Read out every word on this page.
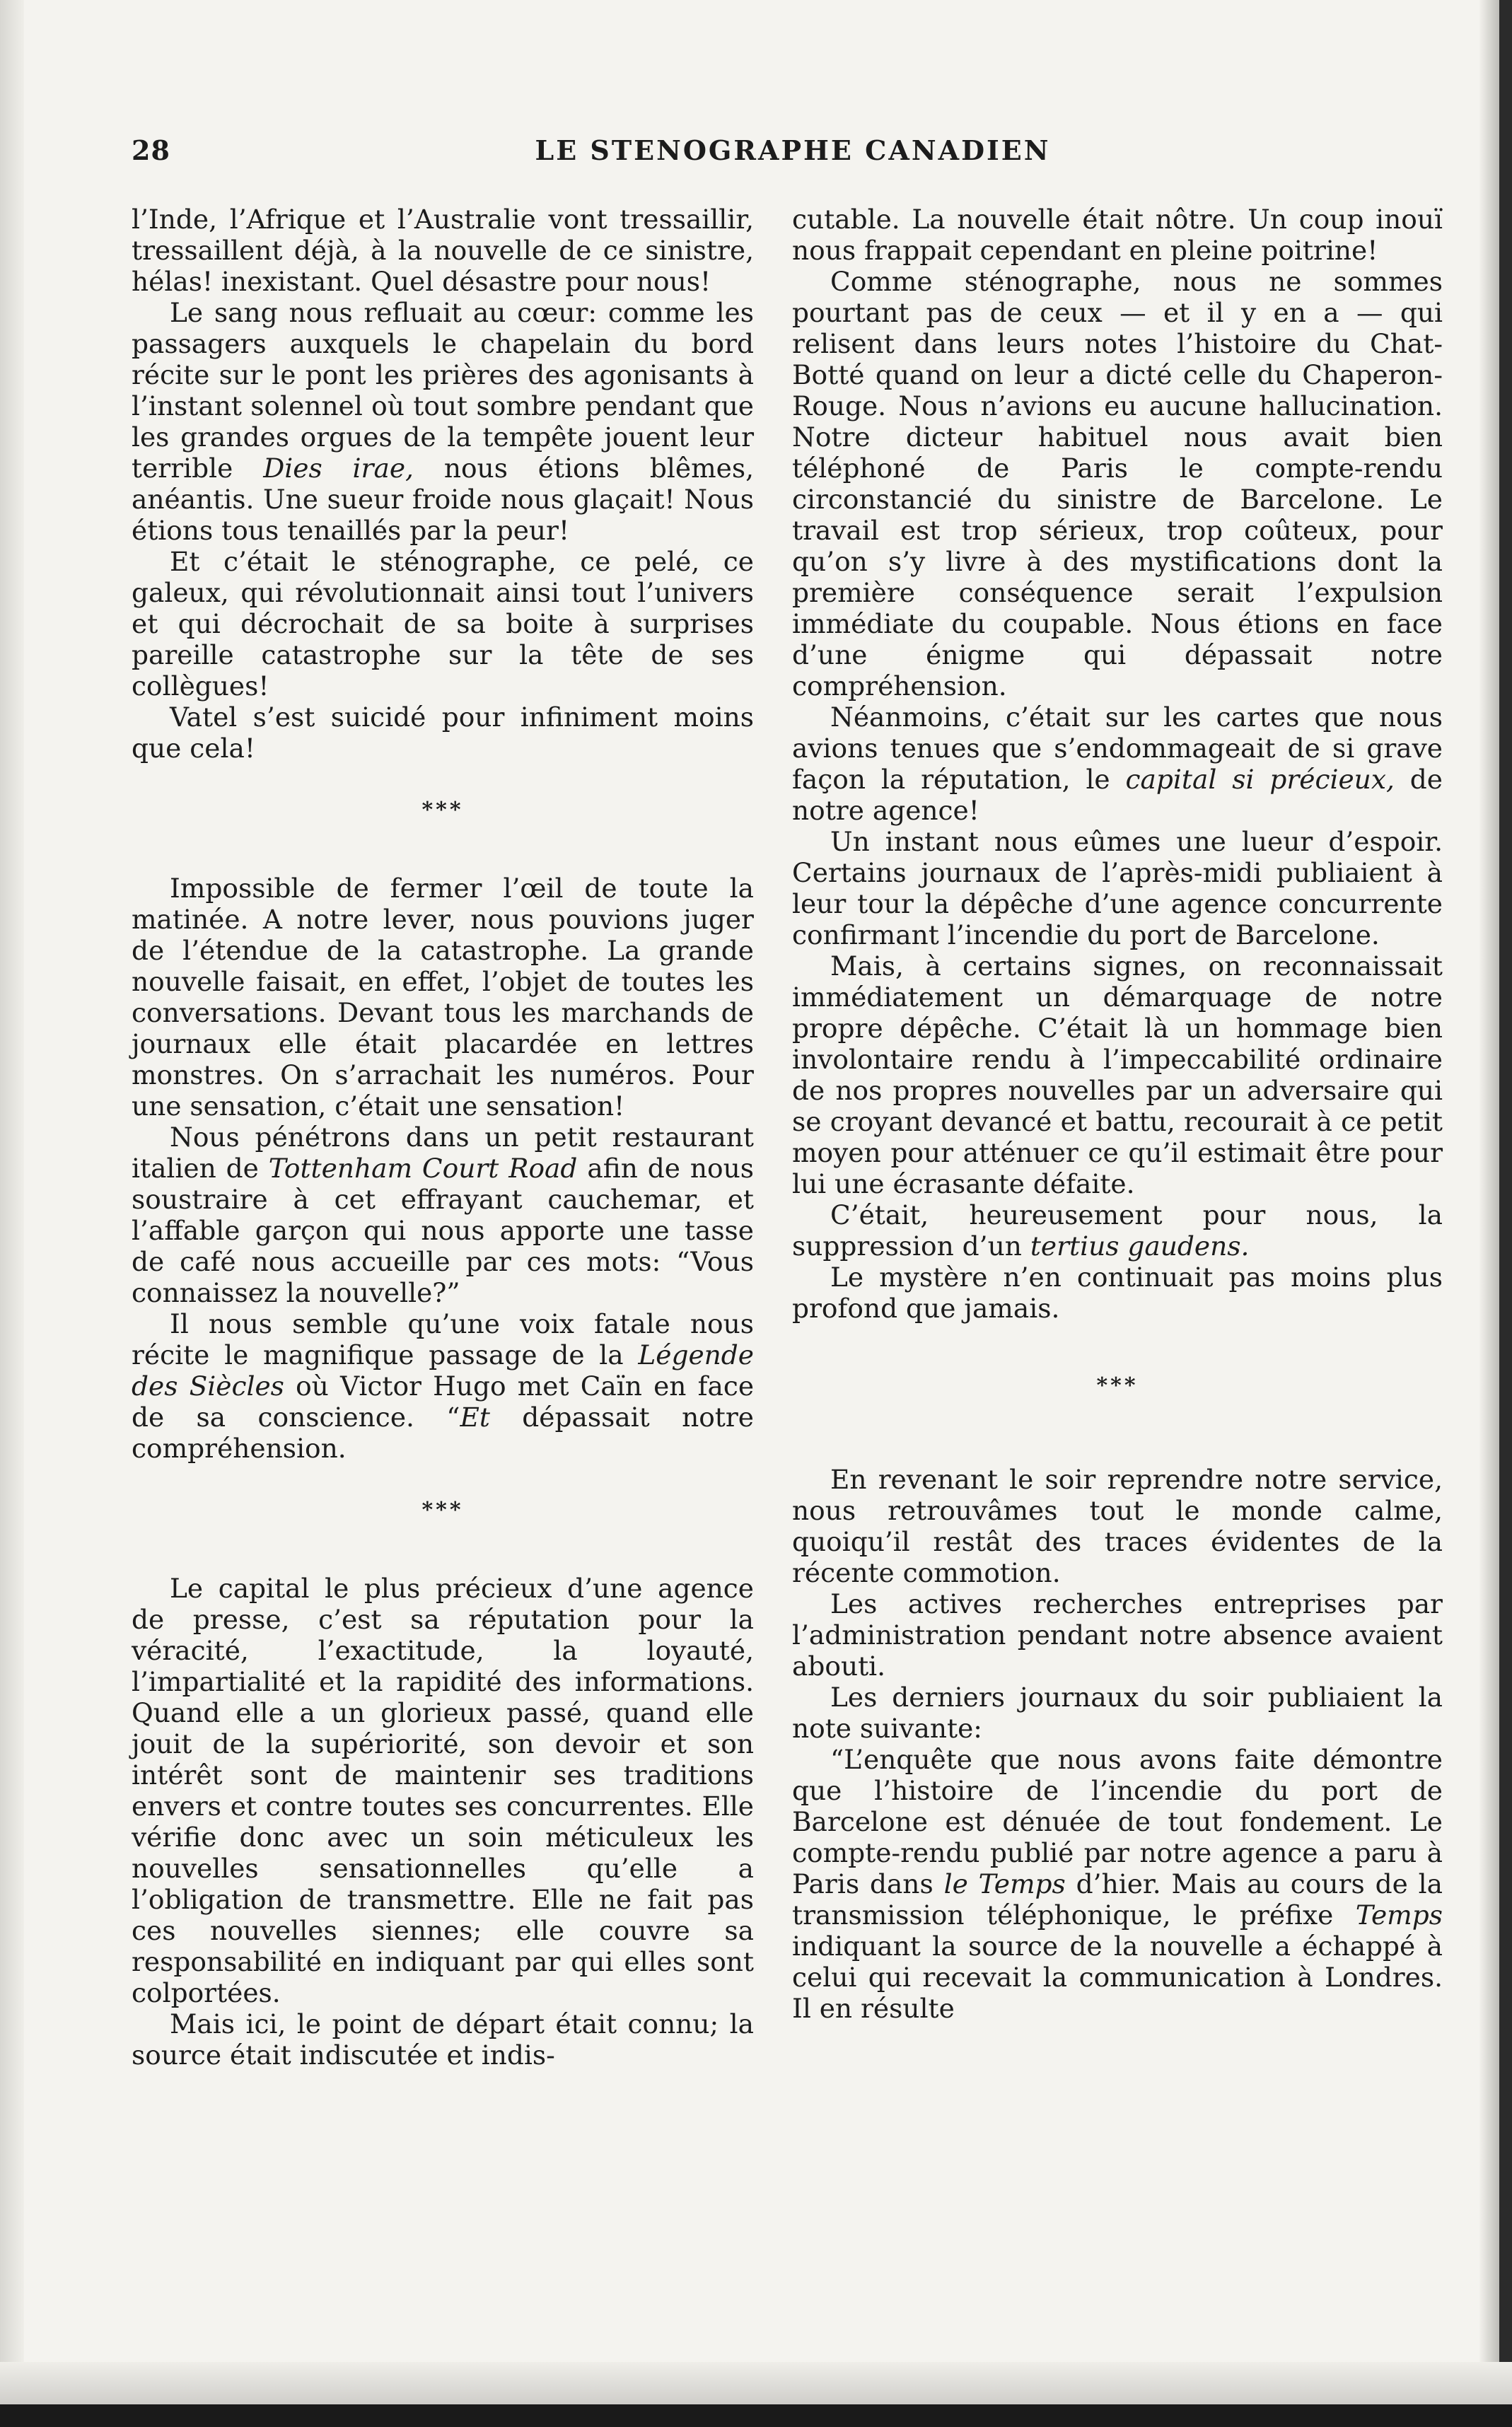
28	LE STENOGRAPHE CANADIEN

l’Inde, l’Afrique et l’Australie vont tressaillir, tressaillent déjà, à la nouvelle de ce sinistre, hélas! inexistant. Quel désastre pour nous!

Le sang nous refluait au cœur: comme les passagers auxquels le chapelain du bord récite sur le pont les prières des agonisants à l’instant solennel où tout sombre pendant que les grandes orgues de la tempête jouent leur terrible Dies irae, nous étions blêmes, anéantis. Une sueur froide nous glaçait! Nous étions tous tenaillés par la peur!

Et c’était le sténographe, ce pelé, ce galeux, qui révolutionnait ainsi tout l’univers et qui décrochait de sa boite à surprises pareille catastrophe sur la tête de ses collègues!

Vatel s’est suicidé pour infiniment moins que cela!

***

Impossible de fermer l’œil de toute la matinée. A notre lever, nous pouvions juger de l’étendue de la catastrophe. La grande nouvelle faisait, en effet, l’objet de toutes les conversations. Devant tous les marchands de journaux elle était placardée en lettres monstres. On s’arrachait les numéros. Pour une sensation, c’était une sensation!

Nous pénétrons dans un petit restaurant italien de Tottenham Court Road afin de nous soustraire à cet effrayant cauchemar, et l’affable garçon qui nous apporte une tasse de café nous accueille par ces mots: “Vous connaissez la nouvelle?”

Il nous semble qu’une voix fatale nous récite le magnifique passage de la Légende des Siècles où Victor Hugo met Caïn en face de sa conscience. “Et dépassait notre compréhension.

***

Le capital le plus précieux d’une agence de presse, c’est sa réputation pour la véracité, l’exactitude, la loyauté, l’impartialité et la rapidité des informations. Quand elle a un glorieux passé, quand elle jouit de la supériorité, son devoir et son intérêt sont de maintenir ses traditions envers et contre toutes ses concurrentes. Elle vérifie donc avec un soin méticuleux les nouvelles sensationnelles qu’elle a l’obligation de transmettre. Elle ne fait pas ces nouvelles siennes; elle couvre sa responsabilité en indiquant par qui elles sont colportées.

Mais ici, le point de départ était connu; la source était indiscutée et indis-

cutable. La nouvelle était nôtre. Un coup inouï nous frappait cependant en pleine poitrine!

Comme sténographe, nous ne sommes pourtant pas de ceux — et il y en a — qui relisent dans leurs notes l’histoire du Chat-Botté quand on leur a dicté celle du Chaperon-Rouge. Nous n’avions eu aucune hallucination. Notre dicteur habituel nous avait bien téléphoné de Paris le compte-rendu circonstancié du sinistre de Barcelone. Le travail est trop sérieux, trop coûteux, pour qu’on s’y livre à des mystifications dont la première conséquence serait l’expulsion immédiate du coupable. Nous étions en face d’une énigme qui dépassait notre compréhension.

Néanmoins, c’était sur les cartes que nous avions tenues que s’endommageait de si grave façon la réputation, le capital si précieux, de notre agence!

Un instant nous eûmes une lueur d’espoir. Certains journaux de l’après-midi publiaient à leur tour la dépêche d’une agence concurrente confirmant l’incendie du port de Barcelone.

Mais, à certains signes, on reconnaissait immédiatement un démarquage de notre propre dépêche. C’était là un hommage bien involontaire rendu à l’impeccabilité ordinaire de nos propres nouvelles par un adversaire qui se croyant devancé et battu, recourait à ce petit moyen pour atténuer ce qu’il estimait être pour lui une écrasante défaite.

C’était, heureusement pour nous, la suppression d’un tertius gaudens.

Le mystère n’en continuait pas moins plus profond que jamais.

***

En revenant le soir reprendre notre service, nous retrouvâmes tout le monde calme, quoiqu’il restât des traces évidentes de la récente commotion.

Les actives recherches entreprises par l’administration pendant notre absence avaient abouti.

Les derniers journaux du soir publiaient la note suivante:

“L’enquête que nous avons faite démontre que l’histoire de l’incendie du port de Barcelone est dénuée de tout fondement. Le compte-rendu publié par notre agence a paru à Paris dans le Temps d’hier. Mais au cours de la transmission téléphonique, le préfixe Temps indiquant la source de la nouvelle a échappé à celui qui recevait la communication à Londres. Il en résulte
